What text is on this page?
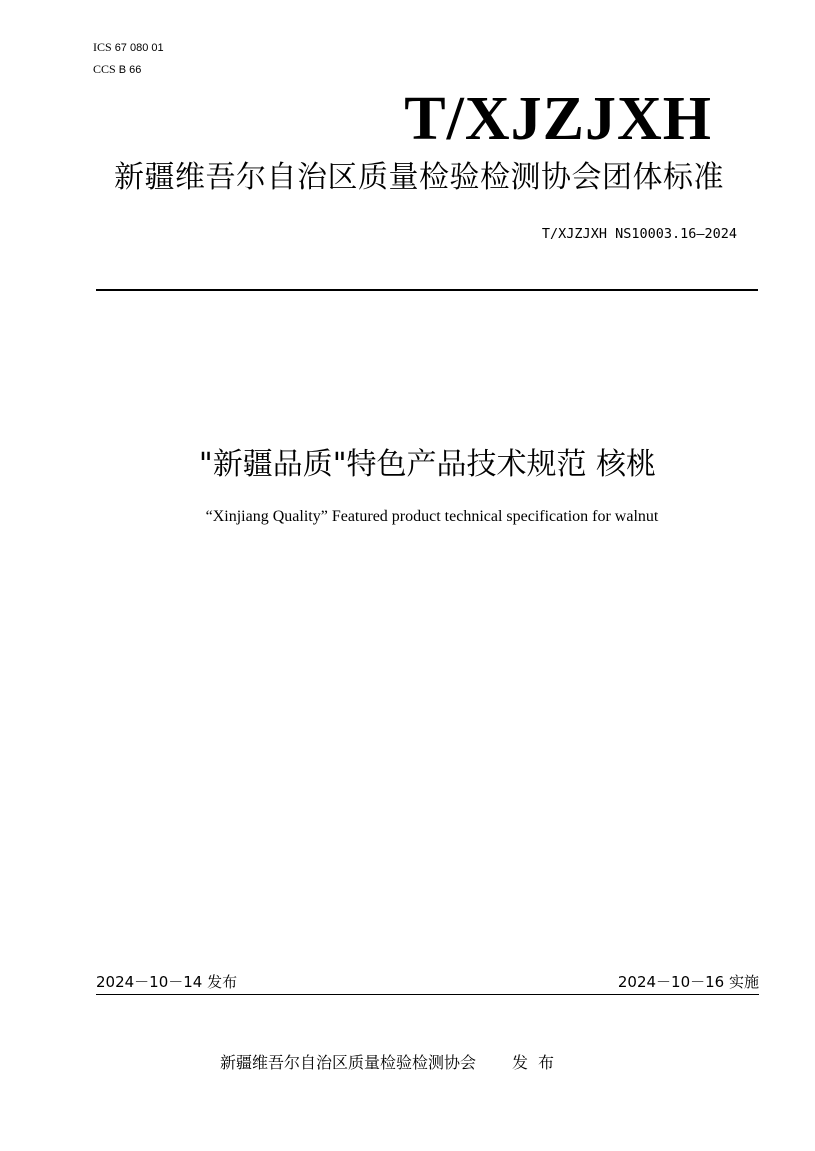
ICS 67 080 01
CCS B 66
T/XJZJXH
新疆维吾尔自治区质量检验检测协会团体标准
T/XJZJXH NS10003.16—2024
"新疆品质"特色产品技术规范 核桃
“Xinjiang Quality” Featured product technical specification for walnut
2024－10－14 发布	2024－10－16 实施
新疆维吾尔自治区质量检验检测协会 发布
